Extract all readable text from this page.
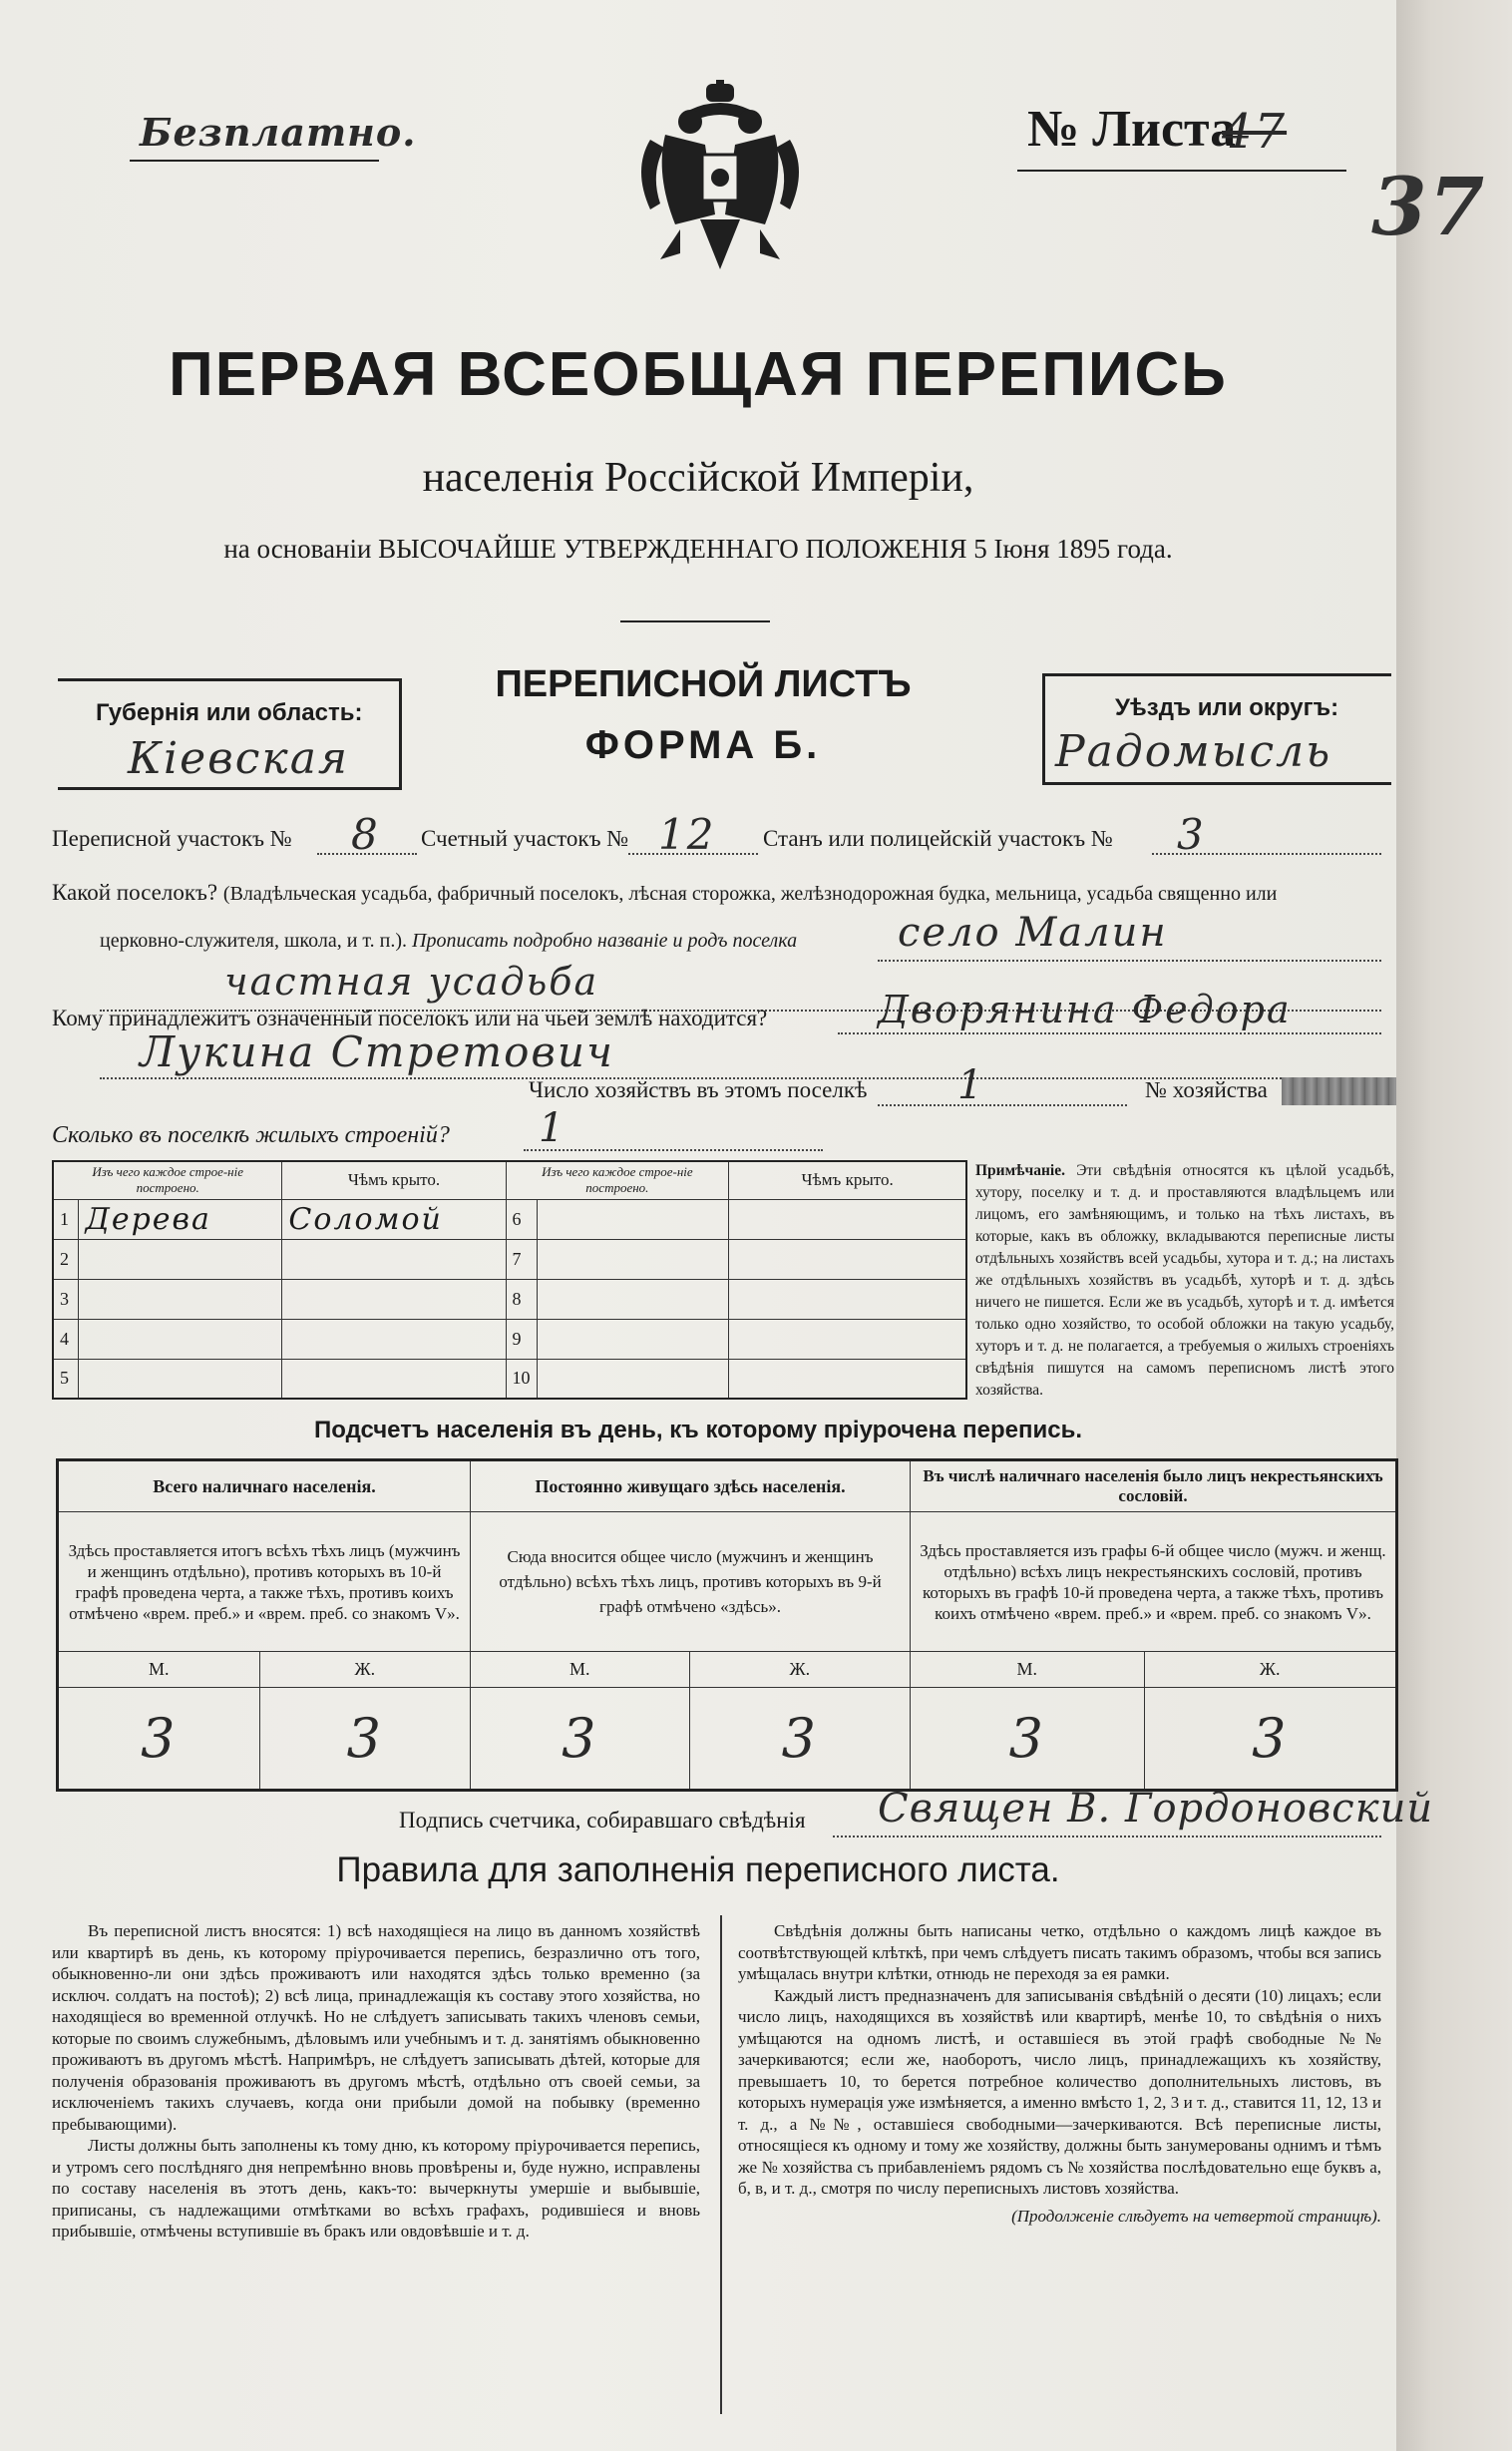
Безплатно.	№ Листа
47
37
ПЕРВАЯ ВСЕОБЩАЯ ПЕРЕПИСЬ
населенія Россійской Имперіи,
на основаніи ВЫСОЧАЙШЕ УТВЕРЖДЕННАГО ПОЛОЖЕНІЯ 5 Іюня 1895 года.
Губернія или область:
Кіевская
ПЕРЕПИСНОЙ ЛИСТЪ
ФОРМА Б.
Уѣздъ или округъ:
Радомысль
Переписной участокъ № 8 Счетный участокъ № 12 Станъ или полицейскій участокъ № 3
Какой поселокъ? (Владѣльческая усадьба, фабричный поселокъ, лѣсная сторожка, желѣзнодорожная будка, мельница, усадьба священно или
церковно-служителя, школа, и т. п.). Прописать подробно названіе и родъ поселка	село Малин
частная усадьба
Кому принадлежитъ означенный поселокъ или на чьей землѣ находится?	Дворянина Федора
Лукина Стретович
Число хозяйствъ въ этомъ поселкѣ 1	№ хозяйства
Сколько въ поселкѣ жилыхъ строеній? 1
Изъ чего каждое строе-ніе построено.		Чѣмъ крыто.	Изъ чего каждое строе-ніе построено.		Чѣмъ крыто.
1	Дерева	Соломой	6		
2			7		
3			8		
4			9		
5			10		
Примѣчаніе. Эти свѣдѣнія относятся къ цѣлой усадьбѣ, хутору, поселку и т. д. и проставляются владѣльцемъ или лицомъ, его замѣняющимъ, и только на тѣхъ листахъ, въ которые, какъ въ обложку, вкладываются переписные листы отдѣльныхъ хозяйствъ всей усадьбы, хутора и т. д.; на листахъ же отдѣльныхъ хозяйствъ въ усадьбѣ, хуторѣ и т. д. здѣсь ничего не пишется. Если же въ усадьбѣ, хуторѣ и т. д. имѣется только одно хозяйство, то особой обложки на такую усадьбу, хуторъ и т. д. не полагается, а требуемыя о жилыхъ строеніяхъ свѣдѣнія пишутся на самомъ переписномъ листѣ этого хозяйства.
Подсчетъ населенія въ день, къ которому пріурочена перепись.
Всего наличнаго населенія.		Постоянно живущаго здѣсь населенія.		Въ числѣ наличнаго населенія было лицъ некрестьянскихъ сословій.	
Здѣсь проставляется итогъ всѣхъ тѣхъ лицъ (мужчинъ и женщинъ отдѣльно), противъ которыхъ въ 10-й графѣ проведена черта, а также тѣхъ, противъ коихъ отмѣчено «врем. преб.» и «врем. преб. со знакомъ V».		Сюда вносится общее число (мужчинъ и женщинъ отдѣльно) всѣхъ тѣхъ лицъ, противъ которыхъ въ 9-й графѣ отмѣчено «здѣсь».		Здѣсь проставляется изъ графы 6-й общее число (мужч. и женщ. отдѣльно) всѣхъ лицъ некрестьянскихъ сословій, противъ которыхъ въ графѣ 10-й проведена черта, а также тѣхъ, противъ коихъ отмѣчено «врем. преб.» и «врем. преб. со знакомъ V».	
М.	Ж.	М.	Ж.	М.	Ж.
3	3	3	3	3	3
Подпись счетчика, собиравшаго свѣдѣнія Священ В. Гордоновский
Правила для заполненія переписного листа.

Въ переписной листъ вносятся: 1) всѣ находящіеся на лицо въ данномъ хозяйствѣ или квартирѣ въ день, къ которому пріурочивается перепись, безразлично отъ того, обыкновенно-ли они здѣсь проживаютъ или находятся здѣсь только временно (за исключ. солдатъ на постоѣ); 2) всѣ лица, принадлежащія къ составу этого хозяйства, но находящіеся во временной отлучкѣ. Но не слѣдуетъ записывать такихъ членовъ семьи, которые по своимъ служебнымъ, дѣловымъ или учебнымъ и т. д. занятіямъ обыкновенно проживаютъ въ другомъ мѣстѣ. Напримѣръ, не слѣдуетъ записывать дѣтей, которые для полученія образованія проживаютъ въ другомъ мѣстѣ, отдѣльно отъ своей семьи, за исключеніемъ такихъ случаевъ, когда они прибыли домой на побывку (временно пребывающими).

Листы должны быть заполнены къ тому дню, къ которому пріурочивается перепись, и утромъ сего послѣдняго дня непремѣнно вновь провѣрены и, буде нужно, исправлены по составу населенія въ этотъ день, какъ-то: вычеркнуты умершіе и выбывшіе, приписаны, съ надлежащими отмѣтками во всѣхъ графахъ, родившіеся и вновь прибывшіе, отмѣчены вступившіе въ бракъ или овдовѣвшіе и т. д.

Свѣдѣнія должны быть написаны четко, отдѣльно о каждомъ лицѣ каждое въ соотвѣтствующей клѣткѣ, при чемъ слѣдуетъ писать такимъ образомъ, чтобы вся запись умѣщалась внутри клѣтки, отнюдь не переходя за ея рамки.

Каждый листъ предназначенъ для записыванія свѣдѣній о десяти (10) лицахъ; если число лицъ, находящихся въ хозяйствѣ или квартирѣ, менѣе 10, то свѣдѣнія о нихъ умѣщаются на одномъ листѣ, и оставшіеся въ этой графѣ свободные №№ зачеркиваются; если же, наоборотъ, число лицъ, принадлежащихъ къ хозяйству, превышаетъ 10, то берется потребное количество дополнительныхъ листовъ, въ которыхъ нумерація уже измѣняется, а именно вмѣсто 1, 2, 3 и т. д., ставится 11, 12, 13 и т. д., а №№, оставшіеся свободными—зачеркиваются. Всѣ переписные листы, относящіеся къ одному и тому же хозяйству, должны быть занумерованы однимъ и тѣмъ же № хозяйства съ прибавленіемъ рядомъ съ № хозяйства послѣдовательно еще буквъ а, б, в, и т. д., смотря по числу переписныхъ листовъ хозяйства.

(Продолженіе слѣдуетъ на четвертой страницѣ).
